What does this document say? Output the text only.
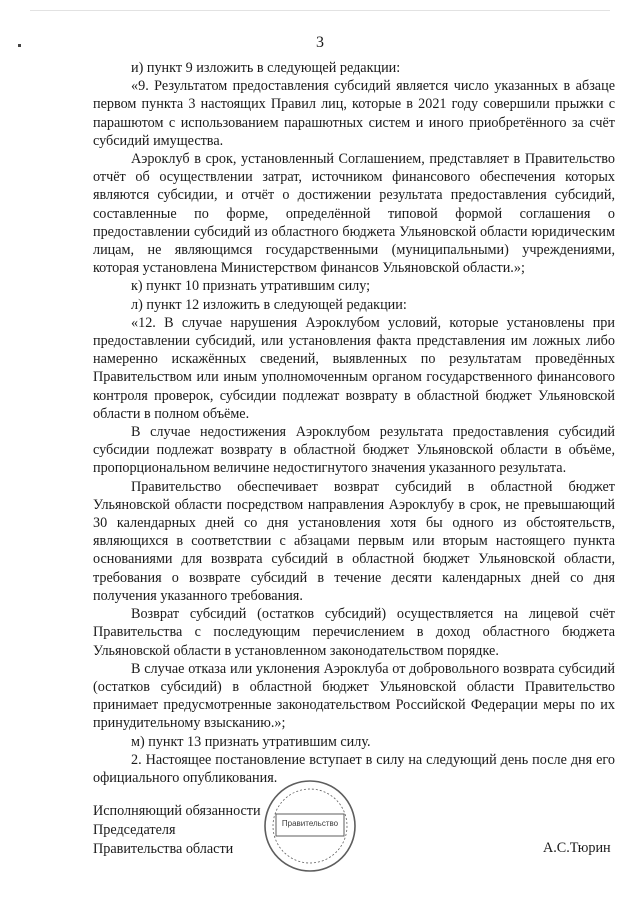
3

и) пункт 9 изложить в следующей редакции:

«9. Результатом предоставления субсидий является число указанных в абзаце первом пункта 3 настоящих Правил лиц, которые в 2021 году совершили прыжки с парашютом с использованием парашютных систем и иного приобретённого за счёт субсидий имущества.

Аэроклуб в срок, установленный Соглашением, представляет в Правительство отчёт об осуществлении затрат, источником финансового обеспечения которых являются субсидии, и отчёт о достижении результата предоставления субсидий, составленные по форме, определённой типовой формой соглашения о предоставлении субсидий из областного бюджета Ульяновской области юридическим лицам, не являющимся государственными (муниципальными) учреждениями, которая установлена Министерством финансов Ульяновской области.»;

к) пункт 10 признать утратившим силу;

л) пункт 12 изложить в следующей редакции:

«12. В случае нарушения Аэроклубом условий, которые установлены при предоставлении субсидий, или установления факта представления им ложных либо намеренно искажённых сведений, выявленных по результатам проведённых Правительством или иным уполномоченным органом государственного финансового контроля проверок, субсидии подлежат возврату в областной бюджет Ульяновской области в полном объёме.

В случае недостижения Аэроклубом результата предоставления субсидий субсидии подлежат возврату в областной бюджет Ульяновской области в объёме, пропорциональном величине недостигнутого значения указанного результата.

Правительство обеспечивает возврат субсидий в областной бюджет Ульяновской области посредством направления Аэроклубу в срок, не превышающий 30 календарных дней со дня установления хотя бы одного из обстоятельств, являющихся в соответствии с абзацами первым или вторым настоящего пункта основаниями для возврата субсидий в областной бюджет Ульяновской области, требования о возврате субсидий в течение десяти календарных дней со дня получения указанного требования.

Возврат субсидий (остатков субсидий) осуществляется на лицевой счёт Правительства с последующим перечислением в доход областного бюджета Ульяновской области в установленном законодательством порядке.

В случае отказа или уклонения Аэроклуба от добровольного возврата субсидий (остатков субсидий) в областной бюджет Ульяновской области Правительство принимает предусмотренные законодательством Российской Федерации меры по их принудительному взысканию.»;

м) пункт 13 признать утратившим силу.

2. Настоящее постановление вступает в силу на следующий день после дня его официального опубликования.

Исполняющий обязанности
Председателя
Правительства области
Правительство
А.С.Тюрин
